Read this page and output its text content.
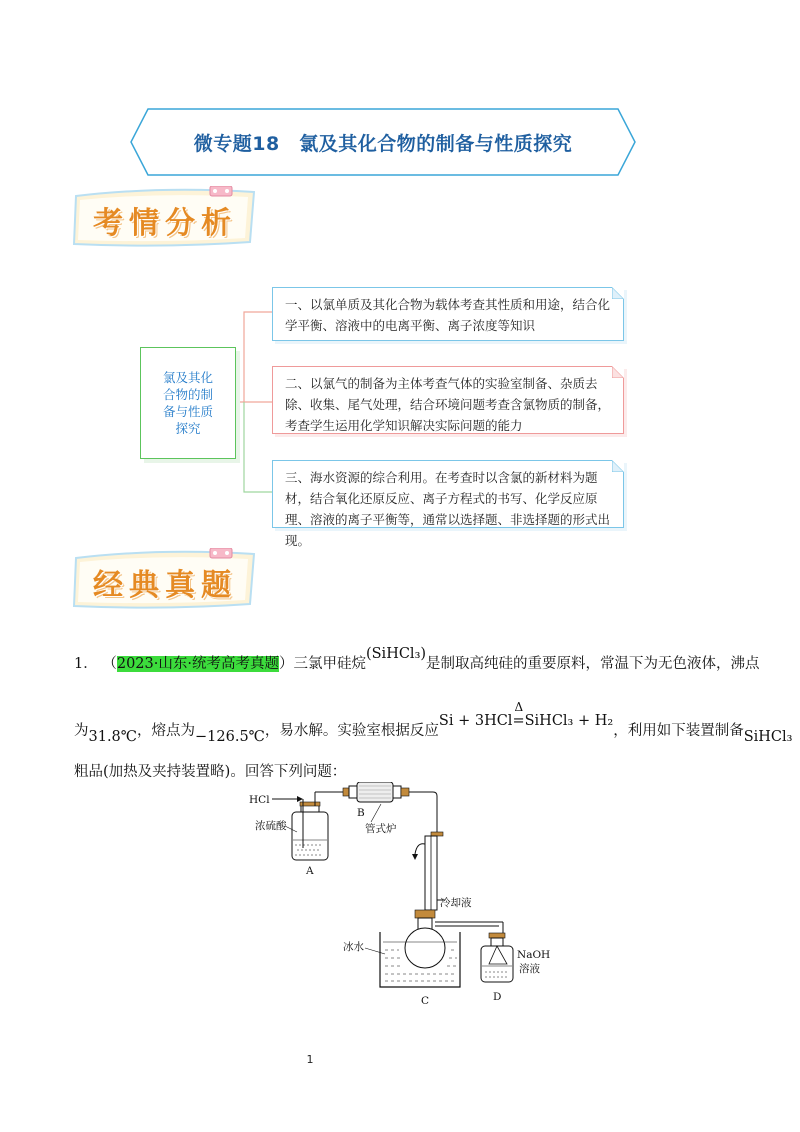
微专题18　氯及其化合物的制备与性质探究
考情分析
氯及其化合物的制备与性质探究
一、以氯单质及其化合物为载体考查其性质和用途，结合化学平衡、溶液中的电离平衡、离子浓度等知识
二、以氯气的制备为主体考查气体的实验室制备、杂质去除、收集、尾气处理，结合环境问题考查含氯物质的制备，考查学生运用化学知识解决实际问题的能力
三、海水资源的综合利用。在考查时以含氯的新材料为题材，结合氧化还原反应、离子方程式的书写、化学反应原理、溶液的离子平衡等，通常以选择题、非选择题的形式出现。
经典真题
1． （2023·山东·统考高考真题）三氯甲硅烷(SiHCl₃)是制取高纯硅的重要原料，常温下为无色液体，沸点
为31.8℃，熔点为−126.5℃，易水解。实验室根据反应Si + 3HCl
Δ
=SiHCl₃ + H₂，利用如下装置制备SiHCl₃
粗品(加热及夹持装置略)。回答下列问题：
HCl
浓硫酸
A
B
管式炉
冷却液
冰水
C
NaOH
溶液
D
1
